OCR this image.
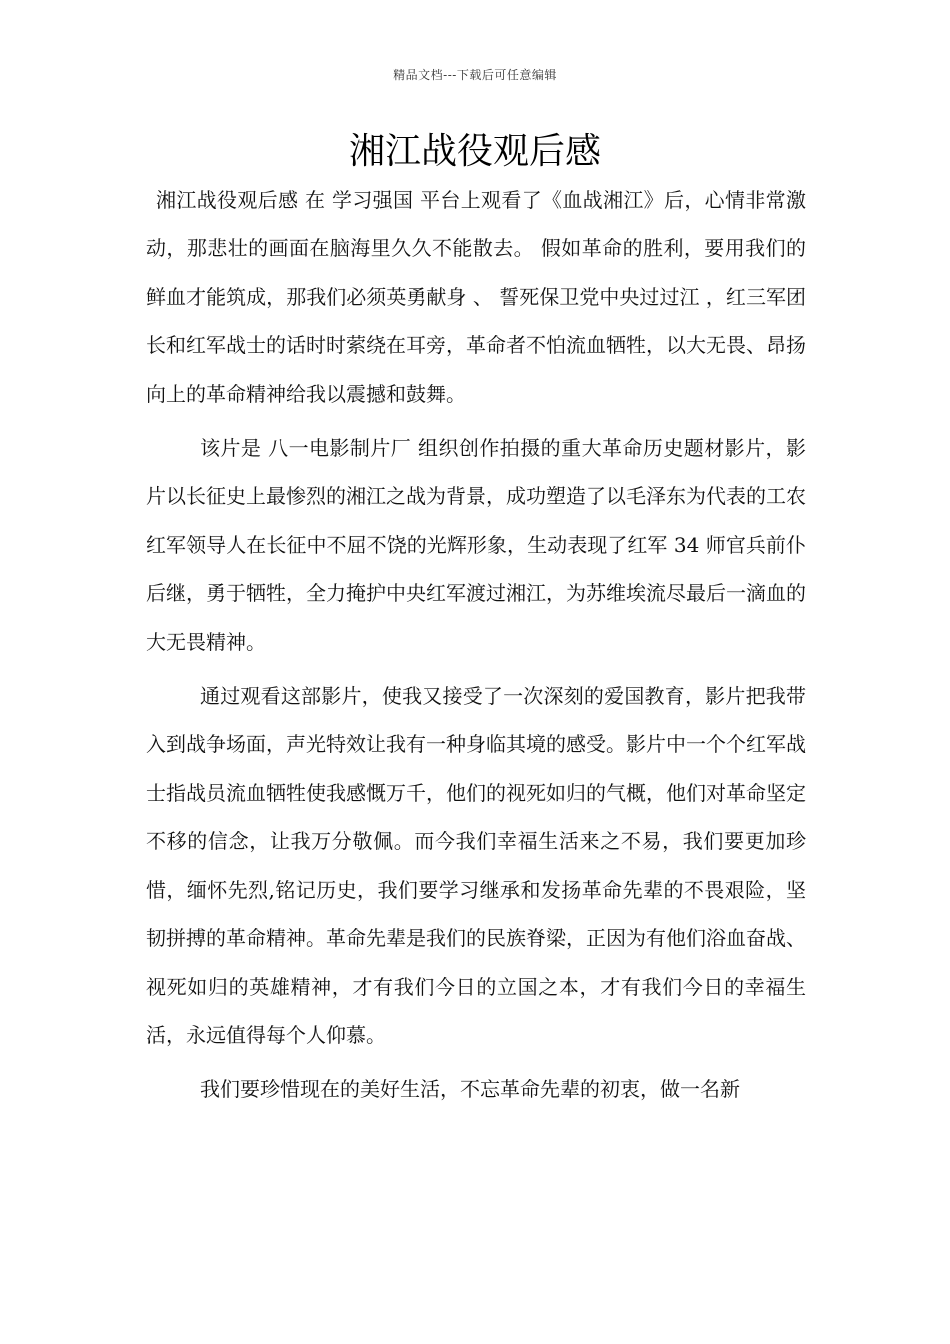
精品文档---下载后可任意编辑
湘江战役观后感

湘江战役观后感 在 学习强国 平台上观看了《血战湘江》后，心情非常激动，那悲壮的画面在脑海里久久不能散去。 假如革命的胜利，要用我们的鲜血才能筑成，那我们必须英勇献身 、 誓死保卫党中央过过江 ，红三军团长和红军战士的话时时萦绕在耳旁，革命者不怕流血牺牲，以大无畏、昂扬向上的革命精神给我以震撼和鼓舞。

该片是 八一电影制片厂 组织创作拍摄的重大革命历史题材影片，影片以长征史上最惨烈的湘江之战为背景，成功塑造了以毛泽东为代表的工农红军领导人在长征中不屈不饶的光辉形象，生动表现了红军 34 师官兵前仆后继，勇于牺牲，全力掩护中央红军渡过湘江，为苏维埃流尽最后一滴血的大无畏精神。

通过观看这部影片，使我又接受了一次深刻的爱国教育，影片把我带入到战争场面，声光特效让我有一种身临其境的感受。影片中一个个红军战士指战员流血牺牲使我感慨万千，他们的视死如归的气概，他们对革命坚定不移的信念，让我万分敬佩。而今我们幸福生活来之不易，我们要更加珍惜，缅怀先烈,铭记历史，我们要学习继承和发扬革命先辈的不畏艰险，坚韧拼搏的革命精神。革命先辈是我们的民族脊梁，正因为有他们浴血奋战、视死如归的英雄精神，才有我们今日的立国之本，才有我们今日的幸福生活，永远值得每个人仰慕。

我们要珍惜现在的美好生活，不忘革命先辈的初衷，做一名新
